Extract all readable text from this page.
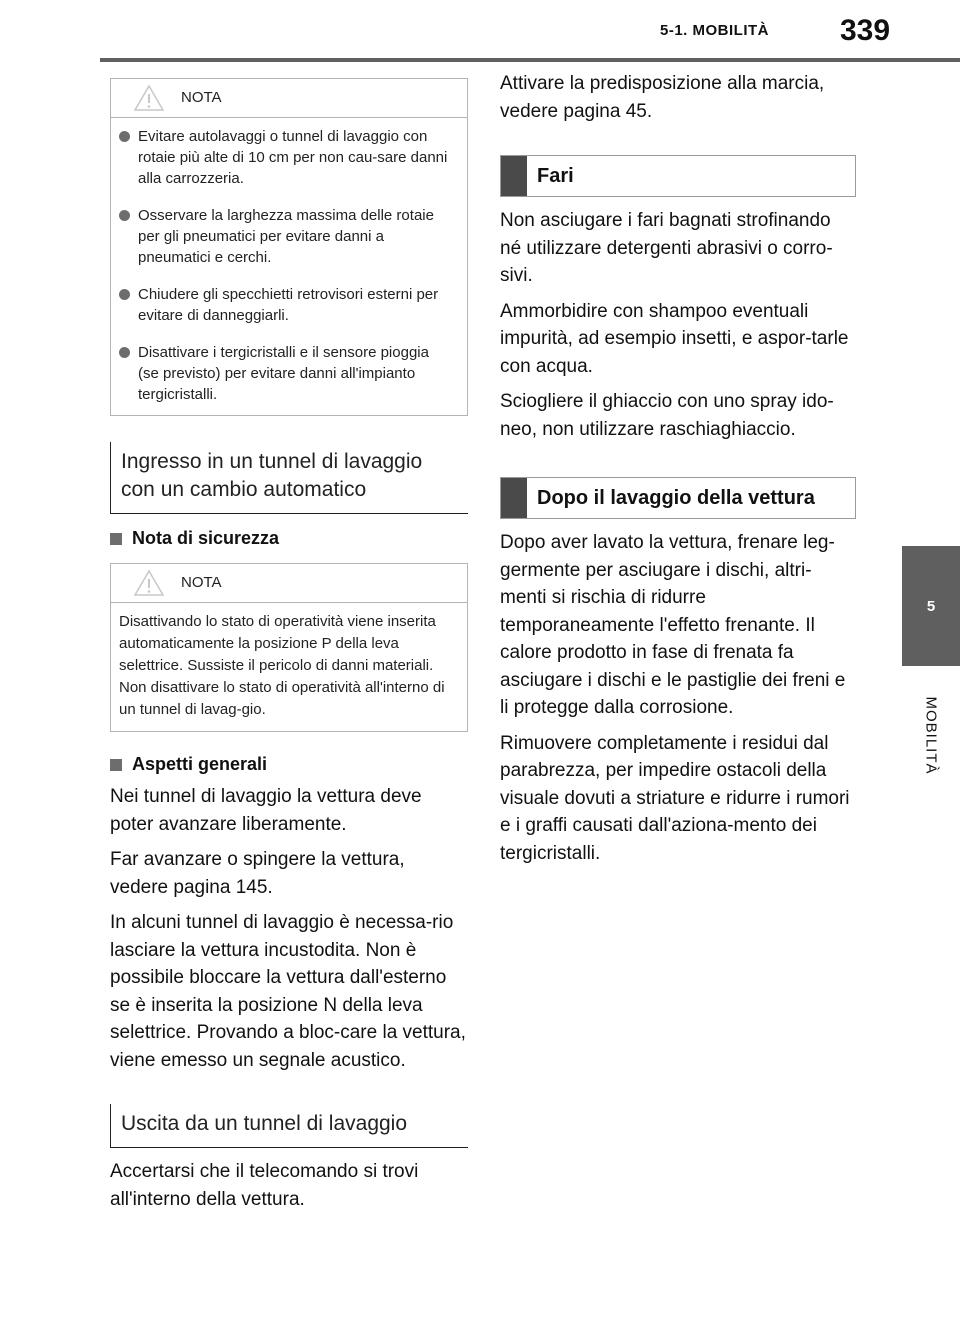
5-1. MOBILITÀ 339
5
MOBILITÀ
NOTA
Evitare autolavaggi o tunnel di lavaggio con rotaie più alte di 10 cm per non cau-sare danni alla carrozzeria.
Osservare la larghezza massima delle rotaie per gli pneumatici per evitare danni a pneumatici e cerchi.
Chiudere gli specchietti retrovisori esterni per evitare di danneggiarli.
Disattivare i tergicristalli e il sensore pioggia (se previsto) per evitare danni all'impianto tergicristalli.
Ingresso in un tunnel di lavaggio con un cambio automatico
Nota di sicurezza
NOTA
Disattivando lo stato di operatività viene inserita automaticamente la posizione P della leva selettrice. Sussiste il pericolo di danni materiali. Non disattivare lo stato di operatività all'interno di un tunnel di lavag-gio.
Aspetti generali

Nei tunnel di lavaggio la vettura deve poter avanzare liberamente.

Far avanzare o spingere la vettura, vedere pagina 145.

In alcuni tunnel di lavaggio è necessa-rio lasciare la vettura incustodita. Non è possibile bloccare la vettura dall'esterno se è inserita la posizione N della leva selettrice. Provando a bloc-care la vettura, viene emesso un segnale acustico.

Uscita da un tunnel di lavaggio

Accertarsi che il telecomando si trovi all'interno della vettura.

Attivare la predisposizione alla marcia, vedere pagina 45.

Fari

Non asciugare i fari bagnati strofinando né utilizzare detergenti abrasivi o corro-sivi.

Ammorbidire con shampoo eventuali impurità, ad esempio insetti, e aspor-tarle con acqua.

Sciogliere il ghiaccio con uno spray ido-neo, non utilizzare raschiaghiaccio.

Dopo il lavaggio della vettura

Dopo aver lavato la vettura, frenare leg-germente per asciugare i dischi, altri-menti si rischia di ridurre temporaneamente l'effetto frenante. Il calore prodotto in fase di frenata fa asciugare i dischi e le pastiglie dei freni e li protegge dalla corrosione.

Rimuovere completamente i residui dal parabrezza, per impedire ostacoli della visuale dovuti a striature e ridurre i rumori e i graffi causati dall'aziona-mento dei tergicristalli.
